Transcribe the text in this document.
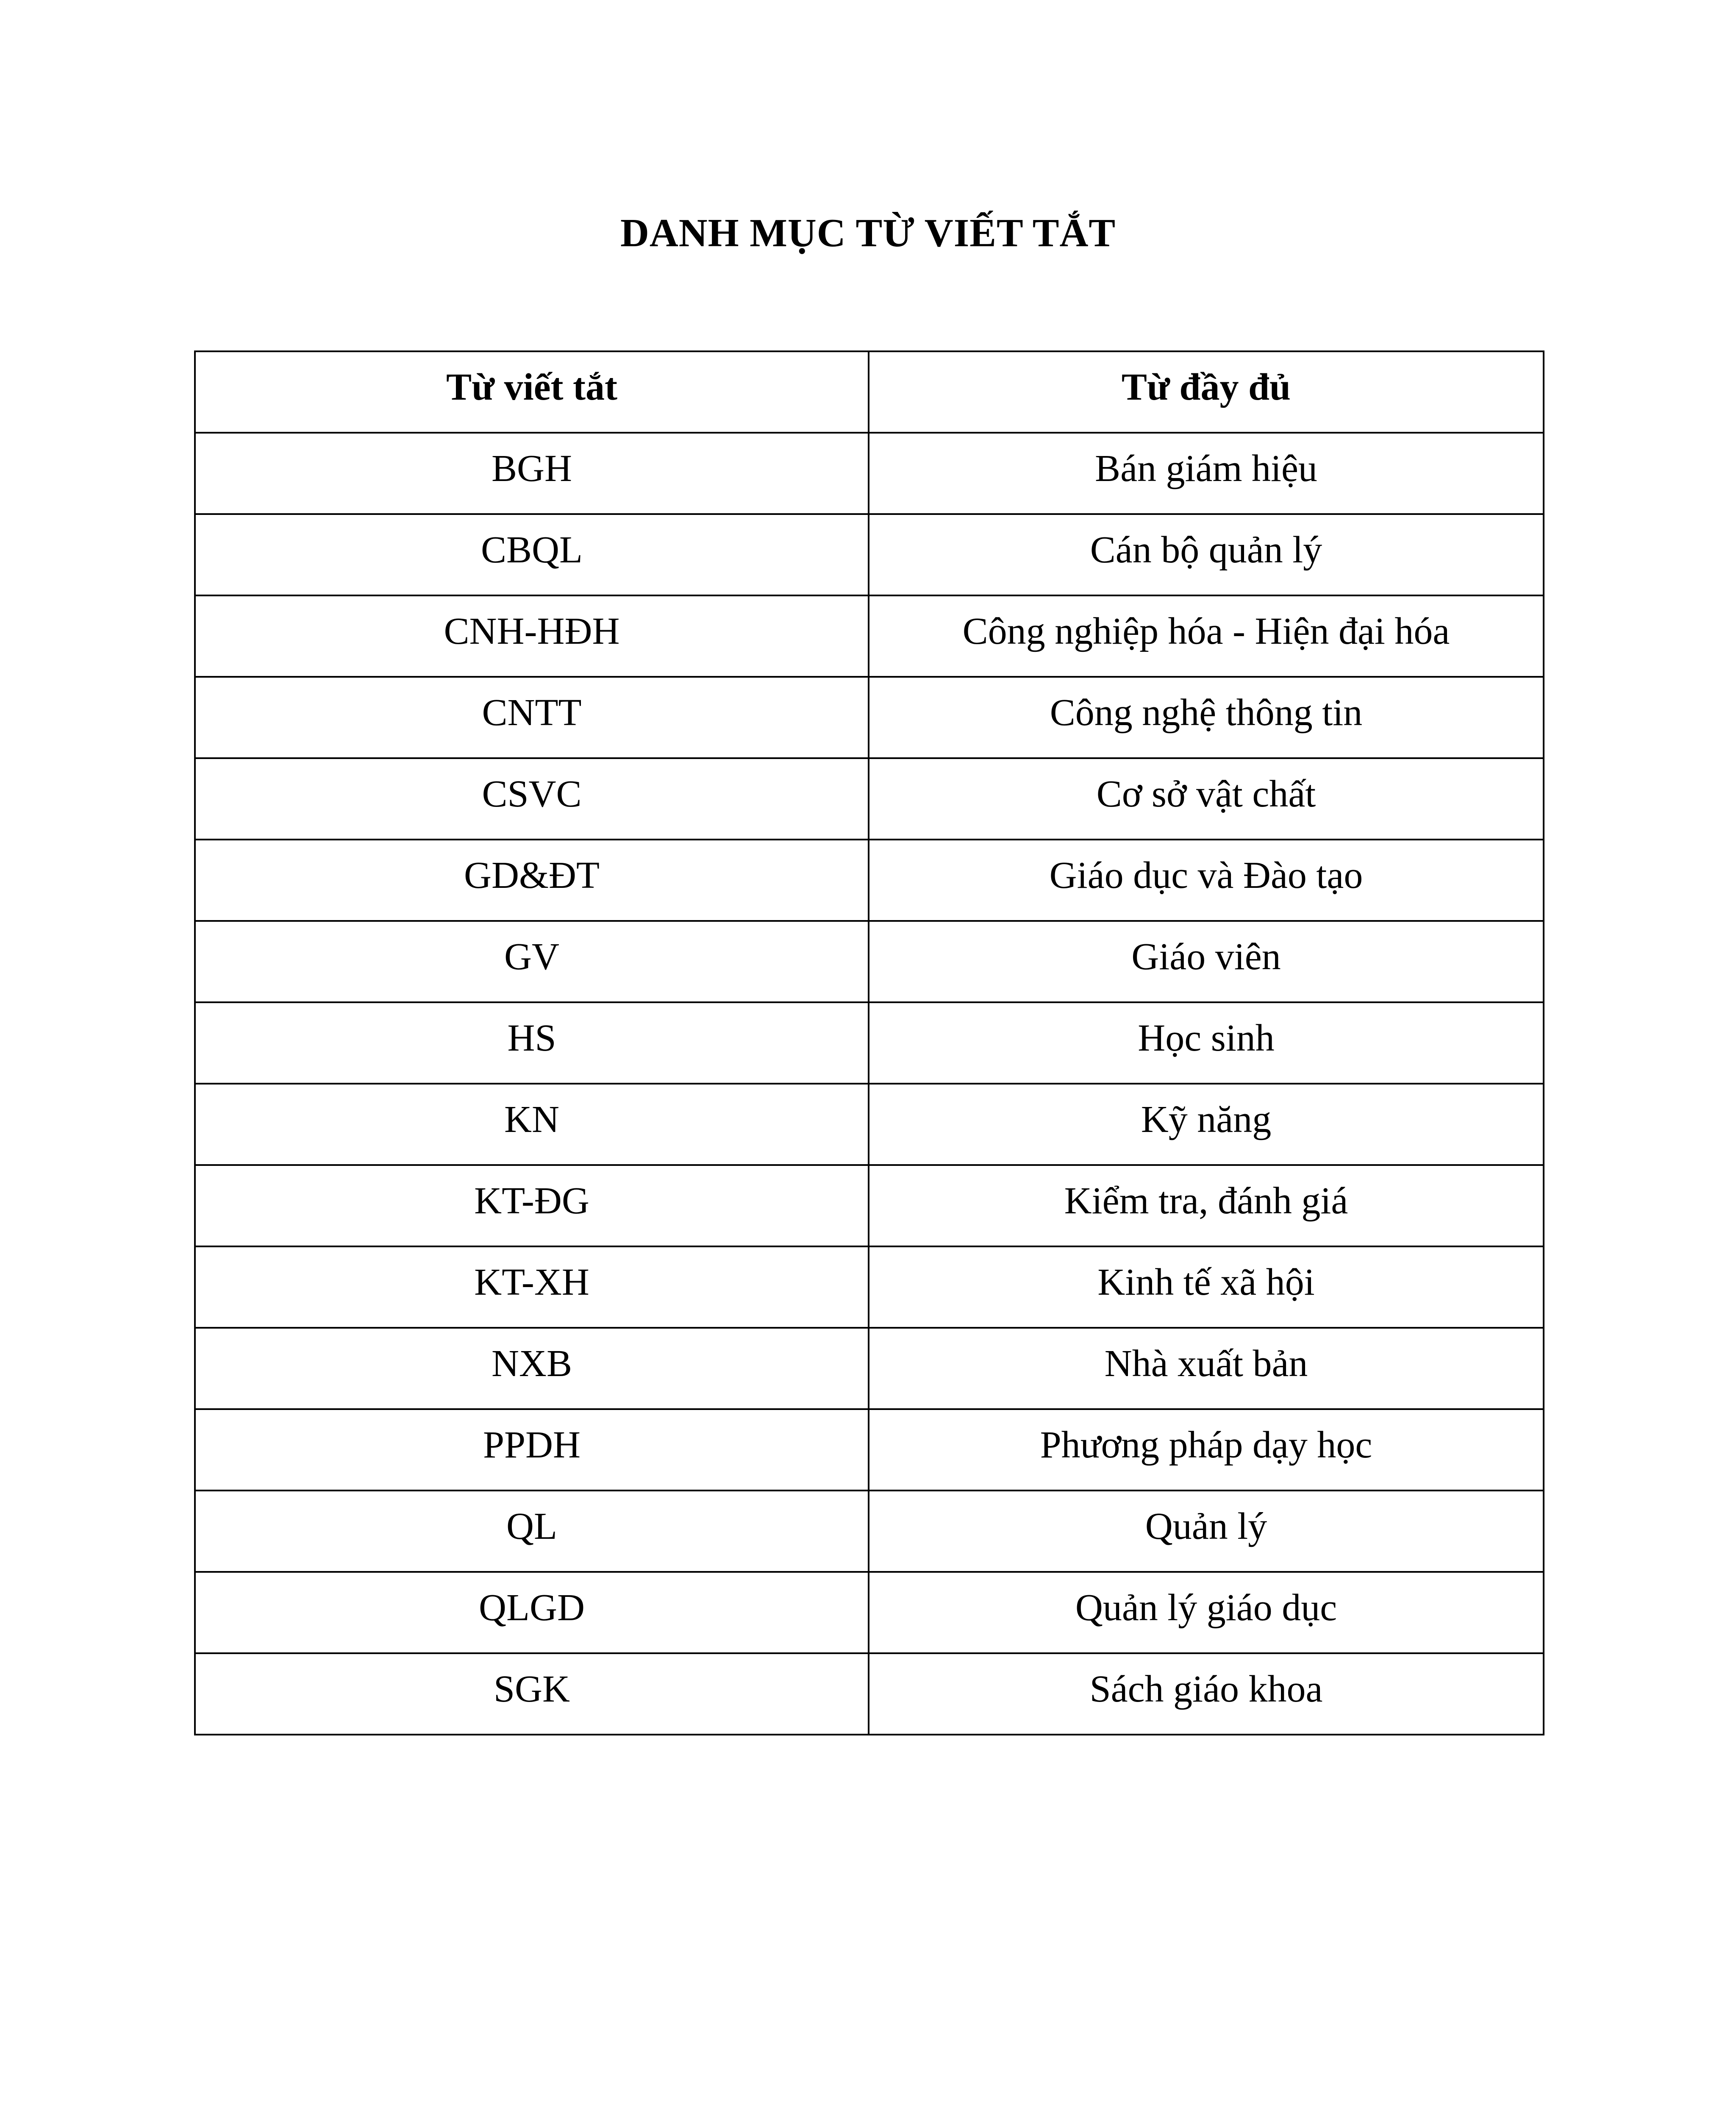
DANH MỤC TỪ VIẾT TẮT
Từ viết tắt	Từ đầy đủ
BGH	Bán giám hiệu
CBQL	Cán bộ quản lý
CNH-HĐH	Công nghiệp hóa - Hiện đại hóa
CNTT	Công nghệ thông tin
CSVC	Cơ sở vật chất
GD&ĐT	Giáo dục và Đào tạo
GV	Giáo viên
HS	Học sinh
KN	Kỹ năng
KT-ĐG	Kiểm tra, đánh giá
KT-XH	Kinh tế xã hội
NXB	Nhà xuất bản
PPDH	Phương pháp dạy học
QL	Quản lý
QLGD	Quản lý giáo dục
SGK	Sách giáo khoa
